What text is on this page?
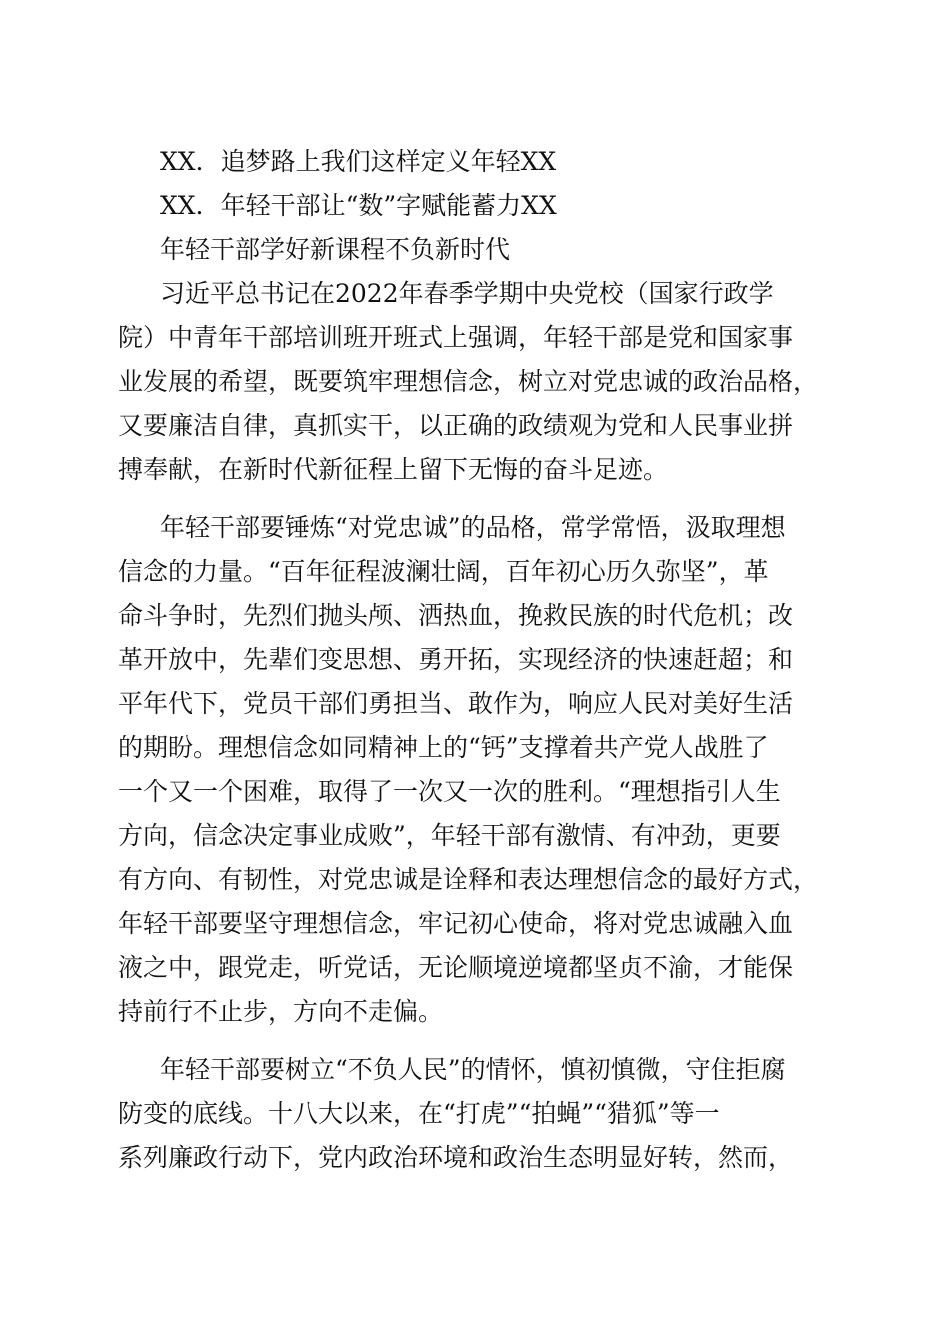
XX．追梦路上我们这样定义年轻XX
XX．年轻干部让“数”字赋能蓄力XX
年轻干部学好新课程不负新时代
习近平总书记在2022年春季学期中央党校（国家行政学
院）中青年干部培训班开班式上强调，年轻干部是党和国家事
业发展的希望，既要筑牢理想信念，树立对党忠诚的政治品格，
又要廉洁自律，真抓实干，以正确的政绩观为党和人民事业拼
搏奉献，在新时代新征程上留下无悔的奋斗足迹。
年轻干部要锤炼“对党忠诚”的品格，常学常悟，汲取理想
信念的力量。“百年征程波澜壮阔，百年初心历久弥坚”，革
命斗争时，先烈们抛头颅、洒热血，挽救民族的时代危机；改
革开放中，先辈们变思想、勇开拓，实现经济的快速赶超；和
平年代下，党员干部们勇担当、敢作为，响应人民对美好生活
的期盼。理想信念如同精神上的“钙”支撑着共产党人战胜了
一个又一个困难，取得了一次又一次的胜利。“理想指引人生
方向，信念决定事业成败”，年轻干部有激情、有冲劲，更要
有方向、有韧性，对党忠诚是诠释和表达理想信念的最好方式，
年轻干部要坚守理想信念，牢记初心使命，将对党忠诚融入血
液之中，跟党走，听党话，无论顺境逆境都坚贞不渝，才能保
持前行不止步，方向不走偏。
年轻干部要树立“不负人民”的情怀，慎初慎微，守住拒腐
防变的底线。十八大以来，在“打虎”“拍蝇”“猎狐”等一
系列廉政行动下，党内政治环境和政治生态明显好转，然而，
